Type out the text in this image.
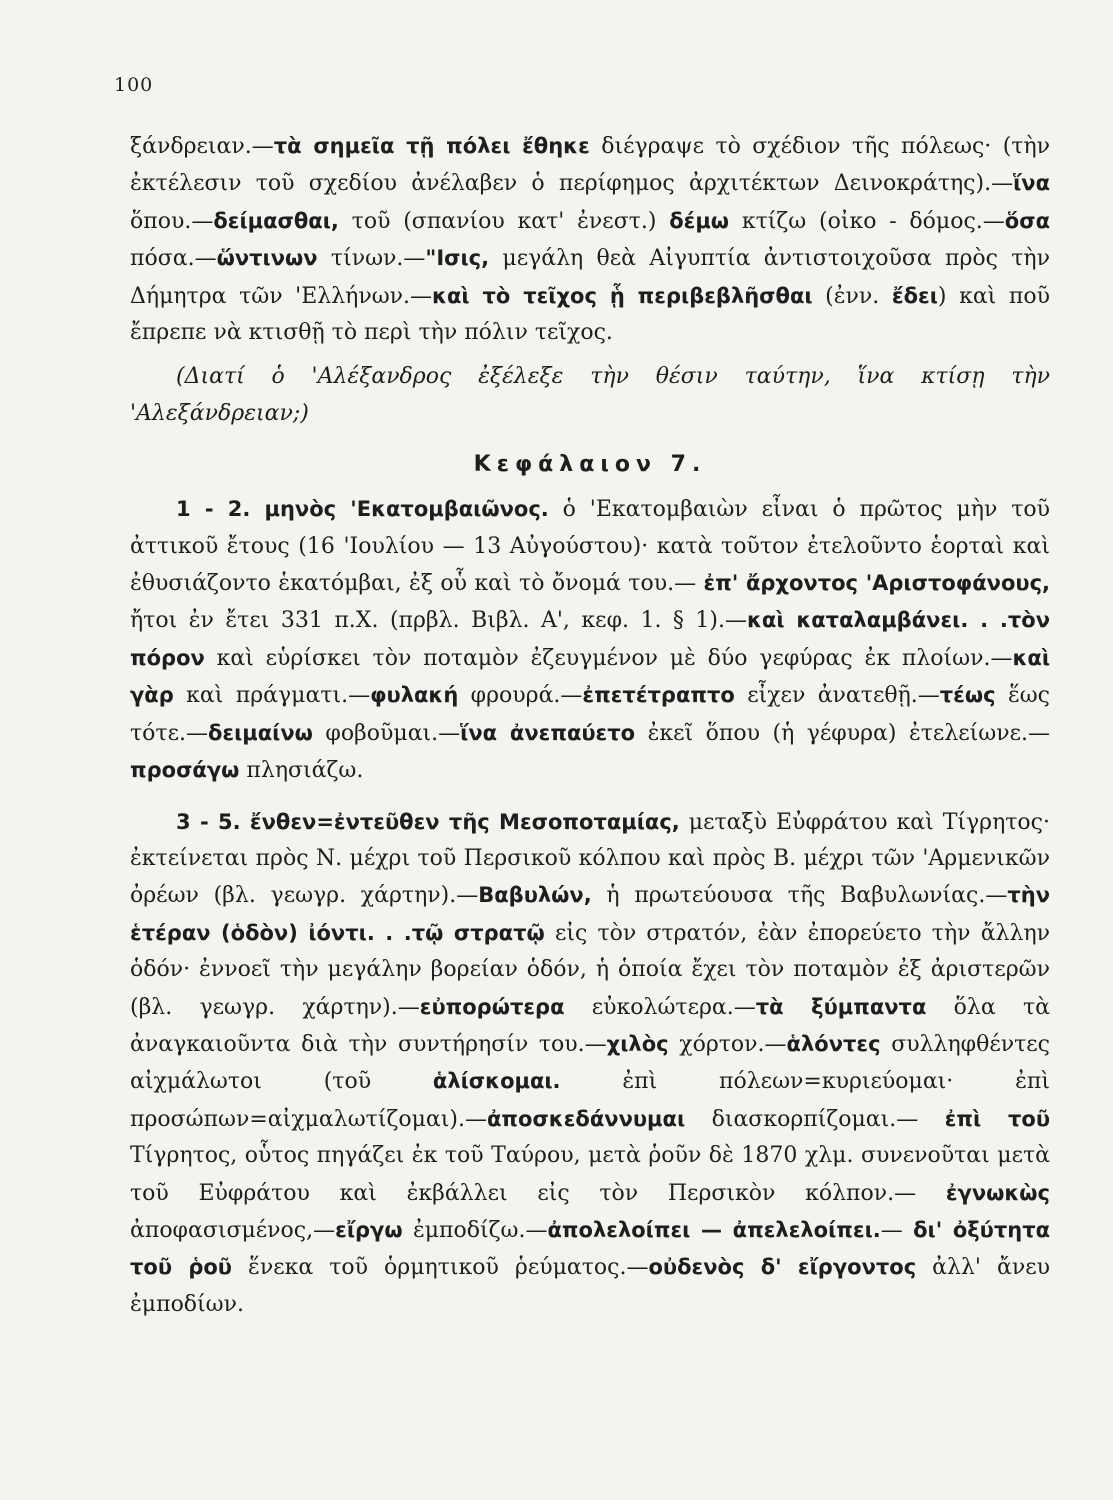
100

ξάνδρειαν.—τὰ σημεῖα τῇ πόλει ἔθηκε διέγραψε τὸ σχέδιον τῆς πόλεως· (τὴν ἐκτέλεσιν τοῦ σχεδίου ἀνέλαβεν ὁ περίφημος ἀρχιτέκτων Δεινοκράτης).—ἵνα ὅπου.—δείμασθαι, τοῦ (σπανίου κατ' ἐνεστ.) δέμω κτίζω (οἰκο - δόμος.—ὅσα πόσα.—ὥντινων τίνων.—"Ισις, μεγάλη θεὰ Αἰγυπτία ἀντιστοιχοῦσα πρὸς τὴν Δήμητρα τῶν 'Ελλήνων.—καὶ τὸ τεῖχος ᾗ περιβεβλῆσθαι (ἐνν. ἔδει) καὶ ποῦ ἔπρεπε νὰ κτισθῇ τὸ περὶ τὴν πόλιν τεῖχος.

(Διατί ὁ 'Αλέξανδρος ἐξέλεξε τὴν θέσιν ταύτην, ἵνα κτίσῃ τὴν 'Αλεξάνδρειαν;)

Κεφάλαιον 7.

1 - 2. μηνὸς 'Εκατομβαιῶνος. ὁ 'Εκατομβαιὼν εἶναι ὁ πρῶτος μὴν τοῦ ἀττικοῦ ἔτους (16 'Ιουλίου — 13 Αὐγούστου)· κατὰ τοῦτον ἐτελοῦντο ἑορταὶ καὶ ἐθυσιάζοντο ἑκατόμβαι, ἐξ οὗ καὶ τὸ ὄνομά του.— ἐπ' ἄρχοντος 'Αριστοφάνους, ἤτοι ἐν ἔτει 331 π.Χ. (πρβλ. Βιβλ. Α', κεφ. 1. § 1).—καὶ καταλαμβάνει. . .τὸν πόρον καὶ εὑρίσκει τὸν ποταμὸν ἐζευγμένον μὲ δύο γεφύρας ἐκ πλοίων.—καὶ γὰρ καὶ πράγματι.—φυλακή φρουρά.—ἐπετέτραπτο εἶχεν ἀνατεθῇ.—τέως ἕως τότε.—δειμαίνω φοβοῦμαι.—ἵνα ἀνεπαύετο ἐκεῖ ὅπου (ἡ γέφυρα) ἐτελείωνε.—προσάγω πλησιάζω.

3 - 5. ἔνθεν=ἐντεῦθεν τῆς Μεσοποταμίας, μεταξὺ Εὐφράτου καὶ Τίγρητος· ἐκτείνεται πρὸς Ν. μέχρι τοῦ Περσικοῦ κόλπου καὶ πρὸς Β. μέχρι τῶν 'Αρμενικῶν ὀρέων (βλ. γεωγρ. χάρτην).—Βαβυλών, ἡ πρωτεύουσα τῆς Βαβυλωνίας.—τὴν ἑτέραν (ὁδὸν) ἰόντι. . .τῷ στρατῷ εἰς τὸν στρατόν, ἐὰν ἐπορεύετο τὴν ἄλλην ὁδόν· ἐννοεῖ τὴν μεγάλην βορείαν ὁδόν, ἡ ὁποία ἔχει τὸν ποταμὸν ἐξ ἀριστερῶν (βλ. γεωγρ. χάρτην).—εὐπορώτερα εὐκολώτερα.—τὰ ξύμπαντα ὅλα τὰ ἀναγκαιοῦντα διὰ τὴν συντήρησίν του.—χιλὸς χόρτον.—ἁλόντες συλληφθέντες αἰχμάλωτοι (τοῦ ἁλίσκομαι. ἐπὶ πόλεων=κυριεύομαι· ἐπὶ προσώπων=αἰχμαλωτίζομαι).—ἀποσκεδάννυμαι διασκορπίζομαι.— ἐπὶ τοῦ Τίγρητος, οὗτος πηγάζει ἐκ τοῦ Ταύρου, μετὰ ῥοῦν δὲ 1870 χλμ. συνενοῦται μετὰ τοῦ Εὐφράτου καὶ ἐκβάλλει εἰς τὸν Περσικὸν κόλπον.— ἐγνωκὼς ἀποφασισμένος,—εἴργω ἐμποδίζω.—ἀπολελοίπει — ἀπελελοίπει.— δι' ὀξύτητα τοῦ ῥοῦ ἕνεκα τοῦ ὁρμητικοῦ ῥεύματος.—οὐδενὸς δ' εἴργοντος ἀλλ' ἄνευ ἐμποδίων.
